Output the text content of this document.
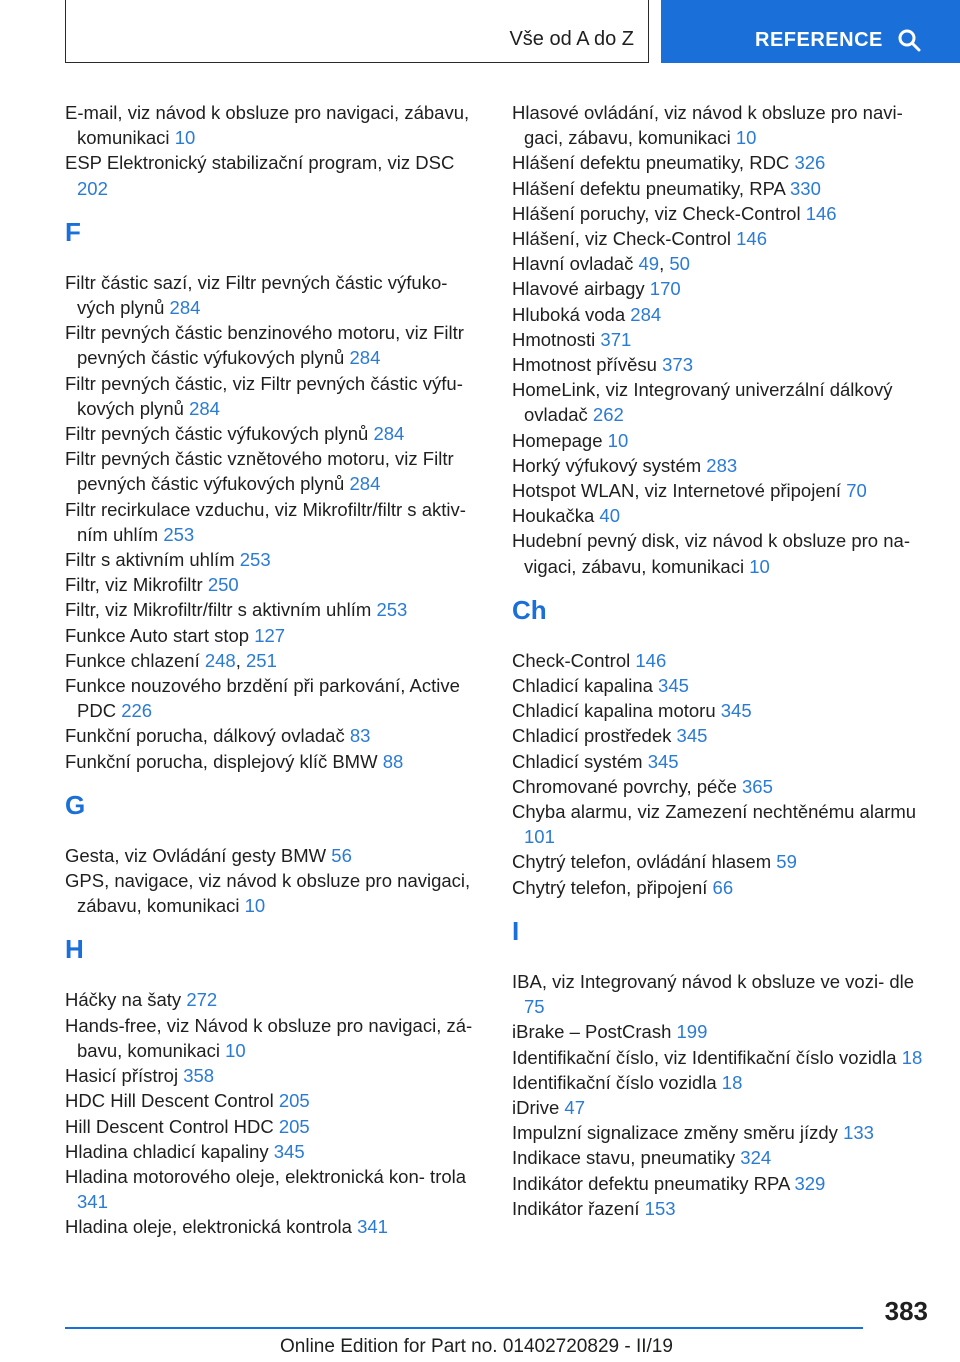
Vše od A do Z	REFERENCE
E-mail, viz návod k obsluze pro navigaci, zábavu, komunikaci 10
ESP Elektronický stabilizační program, viz DSC 202
F
Filtr částic sazí, viz Filtr pevných částic výfuko- vých plynů 284
Filtr pevných částic benzinového motoru, viz Filtr pevných částic výfukových plynů 284
Filtr pevných částic, viz Filtr pevných částic výfu- kových plynů 284
Filtr pevných částic výfukových plynů 284
Filtr pevných částic vznětového motoru, viz Filtr pevných částic výfukových plynů 284
Filtr recirkulace vzduchu, viz Mikrofiltr/filtr s aktiv- ním uhlím 253
Filtr s aktivním uhlím 253
Filtr, viz Mikrofiltr 250
Filtr, viz Mikrofiltr/filtr s aktivním uhlím 253
Funkce Auto start stop 127
Funkce chlazení 248, 251
Funkce nouzového brzdění při parkování, Active PDC 226
Funkční porucha, dálkový ovladač 83
Funkční porucha, displejový klíč BMW 88
G
Gesta, viz Ovládání gesty BMW 56
GPS, navigace, viz návod k obsluze pro navigaci, zábavu, komunikaci 10
H
Háčky na šaty 272
Hands-free, viz Návod k obsluze pro navigaci, zá- bavu, komunikaci 10
Hasicí přístroj 358
HDC Hill Descent Control 205
Hill Descent Control HDC 205
Hladina chladicí kapaliny 345
Hladina motorového oleje, elektronická kon- trola 341
Hladina oleje, elektronická kontrola 341
Hlasové ovládání, viz návod k obsluze pro navi- gaci, zábavu, komunikaci 10
Hlášení defektu pneumatiky, RDC 326
Hlášení defektu pneumatiky, RPA 330
Hlášení poruchy, viz Check-Control 146
Hlášení, viz Check-Control 146
Hlavní ovladač 49, 50
Hlavové airbagy 170
Hluboká voda 284
Hmotnosti 371
Hmotnost přívěsu 373
HomeLink, viz Integrovaný univerzální dálkový ovladač 262
Homepage 10
Horký výfukový systém 283
Hotspot WLAN, viz Internetové připojení 70
Houkačka 40
Hudební pevný disk, viz návod k obsluze pro na- vigaci, zábavu, komunikaci 10
Ch
Check-Control 146
Chladicí kapalina 345
Chladicí kapalina motoru 345
Chladicí prostředek 345
Chladicí systém 345
Chromované povrchy, péče 365
Chyba alarmu, viz Zamezení nechtěnému alarmu 101
Chytrý telefon, ovládání hlasem 59
Chytrý telefon, připojení 66
I
IBA, viz Integrovaný návod k obsluze ve vozi- dle 75
iBrake – PostCrash 199
Identifikační číslo, viz Identifikační číslo vozidla 18
Identifikační číslo vozidla 18
iDrive 47
Impulzní signalizace změny směru jízdy 133
Indikace stavu, pneumatiky 324
Indikátor defektu pneumatiky RPA 329
Indikátor řazení 153
383
Online Edition for Part no. 01402720829 - II/19
